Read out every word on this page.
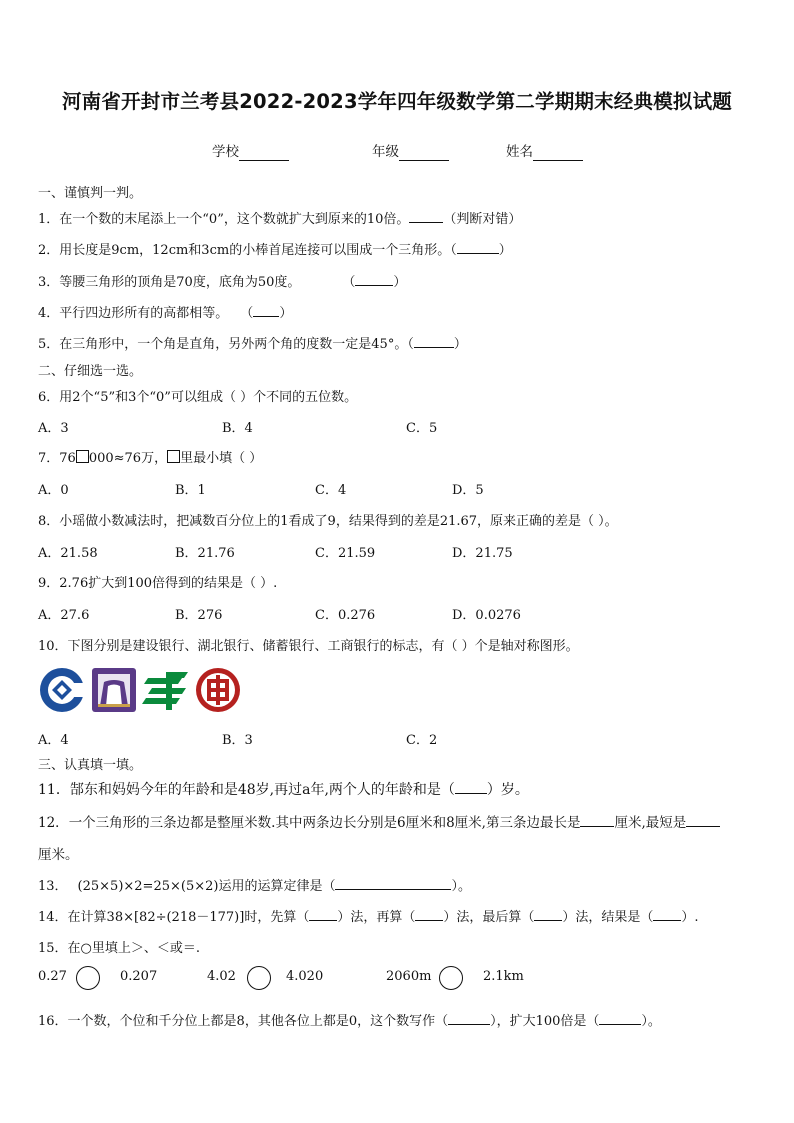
河南省开封市兰考县2022-2023学年四年级数学第二学期期末经典模拟试题
学校	年级	姓名
一、谨慎判一判。
1．在一个数的末尾添上一个“0”，这个数就扩大到原来的10倍。	（判断对错）
2．用长度是9cm，12cm和3cm的小棒首尾连接可以围成一个三角形。（	）
3．等腰三角形的顶角是70度，底角为50度。	（	）
4．平行四边形所有的高都相等。 （ ）
5．在三角形中，一个角是直角，另外两个角的度数一定是45°。（	）
二、仔细选一选。
6．用2个“5”和3个“0”可以组成（ ）个不同的五位数。
A．3	B．4	C．5
7．76 000≈76万， 里最小填（ ）
A．0	B．1	C．4	D．5
8．小瑶做小数减法时，把减数百分位上的1看成了9，结果得到的差是21.67，原来正确的差是（ ）。
A．21.58	B．21.76	C．21.59	D．21.75
9．2.76扩大到100倍得到的结果是（ ）.
A．27.6	B．276	C．0.276	D．0.0276
10．下图分别是建设银行、湖北银行、储蓄银行、工商银行的标志，有（ ）个是轴对称图形。
A．4	B．3	C．2
三、认真填一填。
11．郜东和妈妈今年的年龄和是48岁,再过a年,两个人的年龄和是（ ）岁。
12．一个三角形的三条边都是整厘米数.其中两条边长分别是6厘米和8厘米,第三条边最长是	厘米,最短是
厘米。
13． (25×5)×2=25×(5×2)运用的运算定律是（	）。
14．在计算38×[82÷(218－177)]时，先算（ ）法，再算（ ）法，最后算（ ）法，结果是（ ）.
15．在○里填上＞、＜或＝.
0.27	0.207	4.02	4.020	2060m	2.1km
16．一个数，个位和千分位上都是8，其他各位上都是0，这个数写作（	），扩大100倍是（	）。
